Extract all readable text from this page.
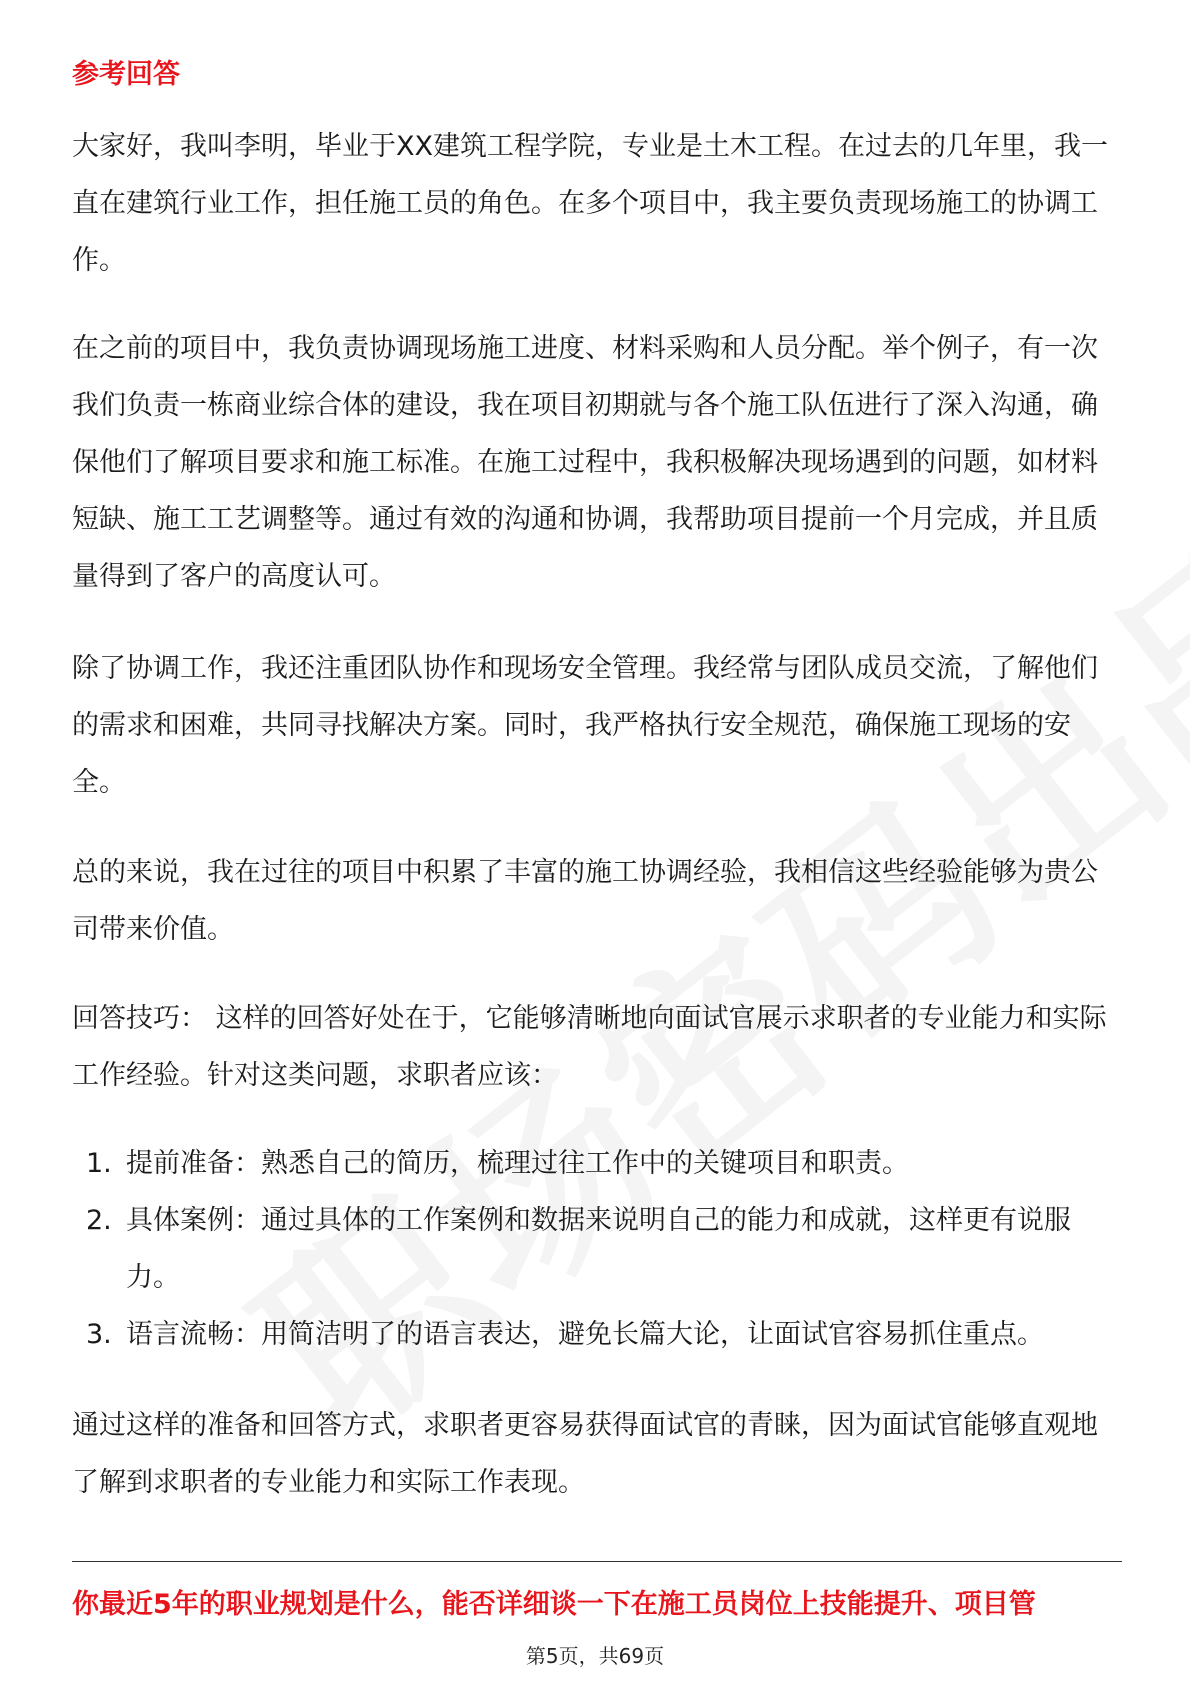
参考回答

大家好，我叫李明，毕业于XX建筑工程学院，专业是土木工程。在过去的几年里，我一直在建筑行业工作，担任施工员的角色。在多个项目中，我主要负责现场施工的协调工作。

在之前的项目中，我负责协调现场施工进度、材料采购和人员分配。举个例子，有一次我们负责一栋商业综合体的建设，我在项目初期就与各个施工队伍进行了深入沟通，确保他们了解项目要求和施工标准。在施工过程中，我积极解决现场遇到的问题，如材料短缺、施工工艺调整等。通过有效的沟通和协调，我帮助项目提前一个月完成，并且质量得到了客户的高度认可。

除了协调工作，我还注重团队协作和现场安全管理。我经常与团队成员交流，了解他们的需求和困难，共同寻找解决方案。同时，我严格执行安全规范，确保施工现场的安全。

总的来说，我在过往的项目中积累了丰富的施工协调经验，我相信这些经验能够为贵公司带来价值。

回答技巧： 这样的回答好处在于，它能够清晰地向面试官展示求职者的专业能力和实际工作经验。针对这类问题，求职者应该：

1. 提前准备：熟悉自己的简历，梳理过往工作中的关键项目和职责。
2. 具体案例：通过具体的工作案例和数据来说明自己的能力和成就，这样更有说服力。
3. 语言流畅：用简洁明了的语言表达，避免长篇大论，让面试官容易抓住重点。

通过这样的准备和回答方式，求职者更容易获得面试官的青睐，因为面试官能够直观地了解到求职者的专业能力和实际工作表现。

你最近5年的职业规划是什么，能否详细谈一下在施工员岗位上技能提升、项目管
第5页，共69页
